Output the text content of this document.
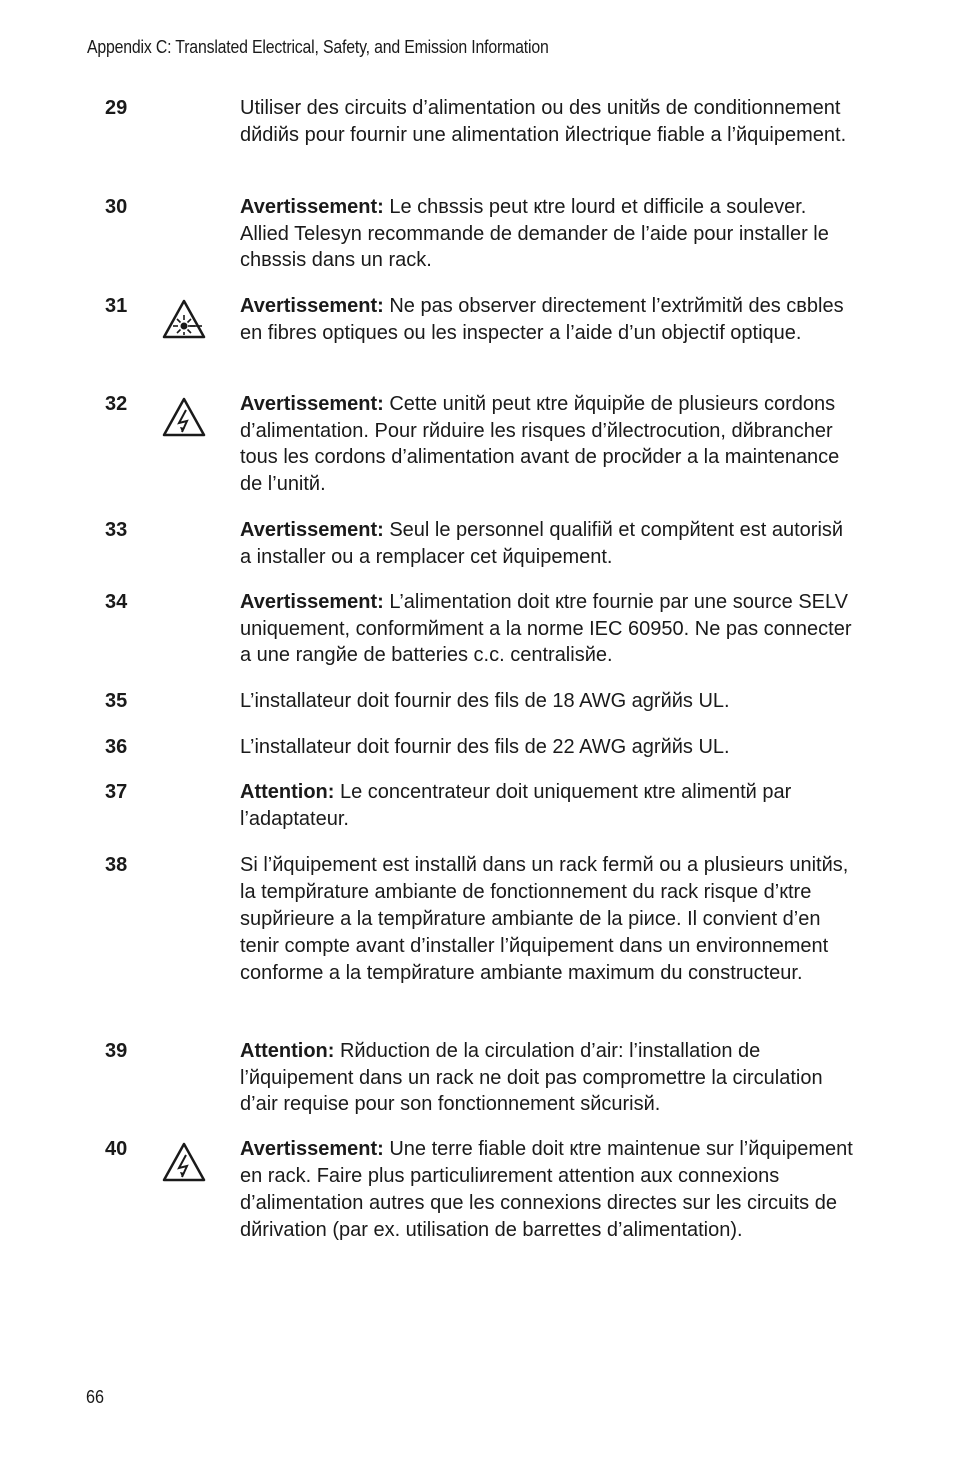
Appendix C: Translated Electrical, Safety, and Emission Information
29	Utiliser des circuits d’alimentation ou des unitйs de conditionnement dйdiйs pour fournir une alimentation йlectrique fiable a l’йquipement.
30	Avertissement: Le chвssis peut кtre lourd et difficile a soulever. Allied Telesyn recommande de demander de l’aide pour installer le chвssis dans un rack.
31	Avertissement: Ne pas observer directement l’extrйmitй des cвbles en fibres optiques ou les inspecter a l’aide d’un objectif optique.
32	Avertissement: Cette unitй peut кtre йquipйe de plusieurs cordons d’alimentation. Pour rйduire les risques d’йlectrocution, dйbrancher tous les cordons d’alimentation avant de procйder a la maintenance de l’unitй.
33	Avertissement: Seul le personnel qualifiй et compйtent est autorisй a installer ou a remplacer cet йquipement.
34	Avertissement: L’alimentation doit кtre fournie par une source SELV uniquement, conformйment a la norme IEC 60950. Ne pas connecter a une rangйe de batteries c.c. centralisйe.
35	L’installateur doit fournir des fils de 18 AWG agrййs UL.
36	L’installateur doit fournir des fils de 22 AWG agrййs UL.
37	Attention: Le concentrateur doit uniquement кtre alimentй par l’adaptateur.
38	Si l’йquipement est installй dans un rack fermй ou a plusieurs unitйs, la tempйrature ambiante de fonctionnement du rack risque d’кtre supйrieure a la tempйrature ambiante de la piиce. Il convient d’en tenir compte avant d’installer l’йquipement dans un environnement conforme a la tempйrature ambiante maximum du constructeur.
39	Attention: Rйduction de la circulation d’air: l’installation de l’йquipement dans un rack ne doit pas compromettre la circulation d’air requise pour son fonctionnement sйcurisй.
40	Avertissement: Une terre fiable doit кtre maintenue sur l’йquipement en rack. Faire plus particuliиrement attention aux connexions d’alimentation autres que les connexions directes sur les circuits de dйrivation (par ex. utilisation de barrettes d’alimentation).
66
